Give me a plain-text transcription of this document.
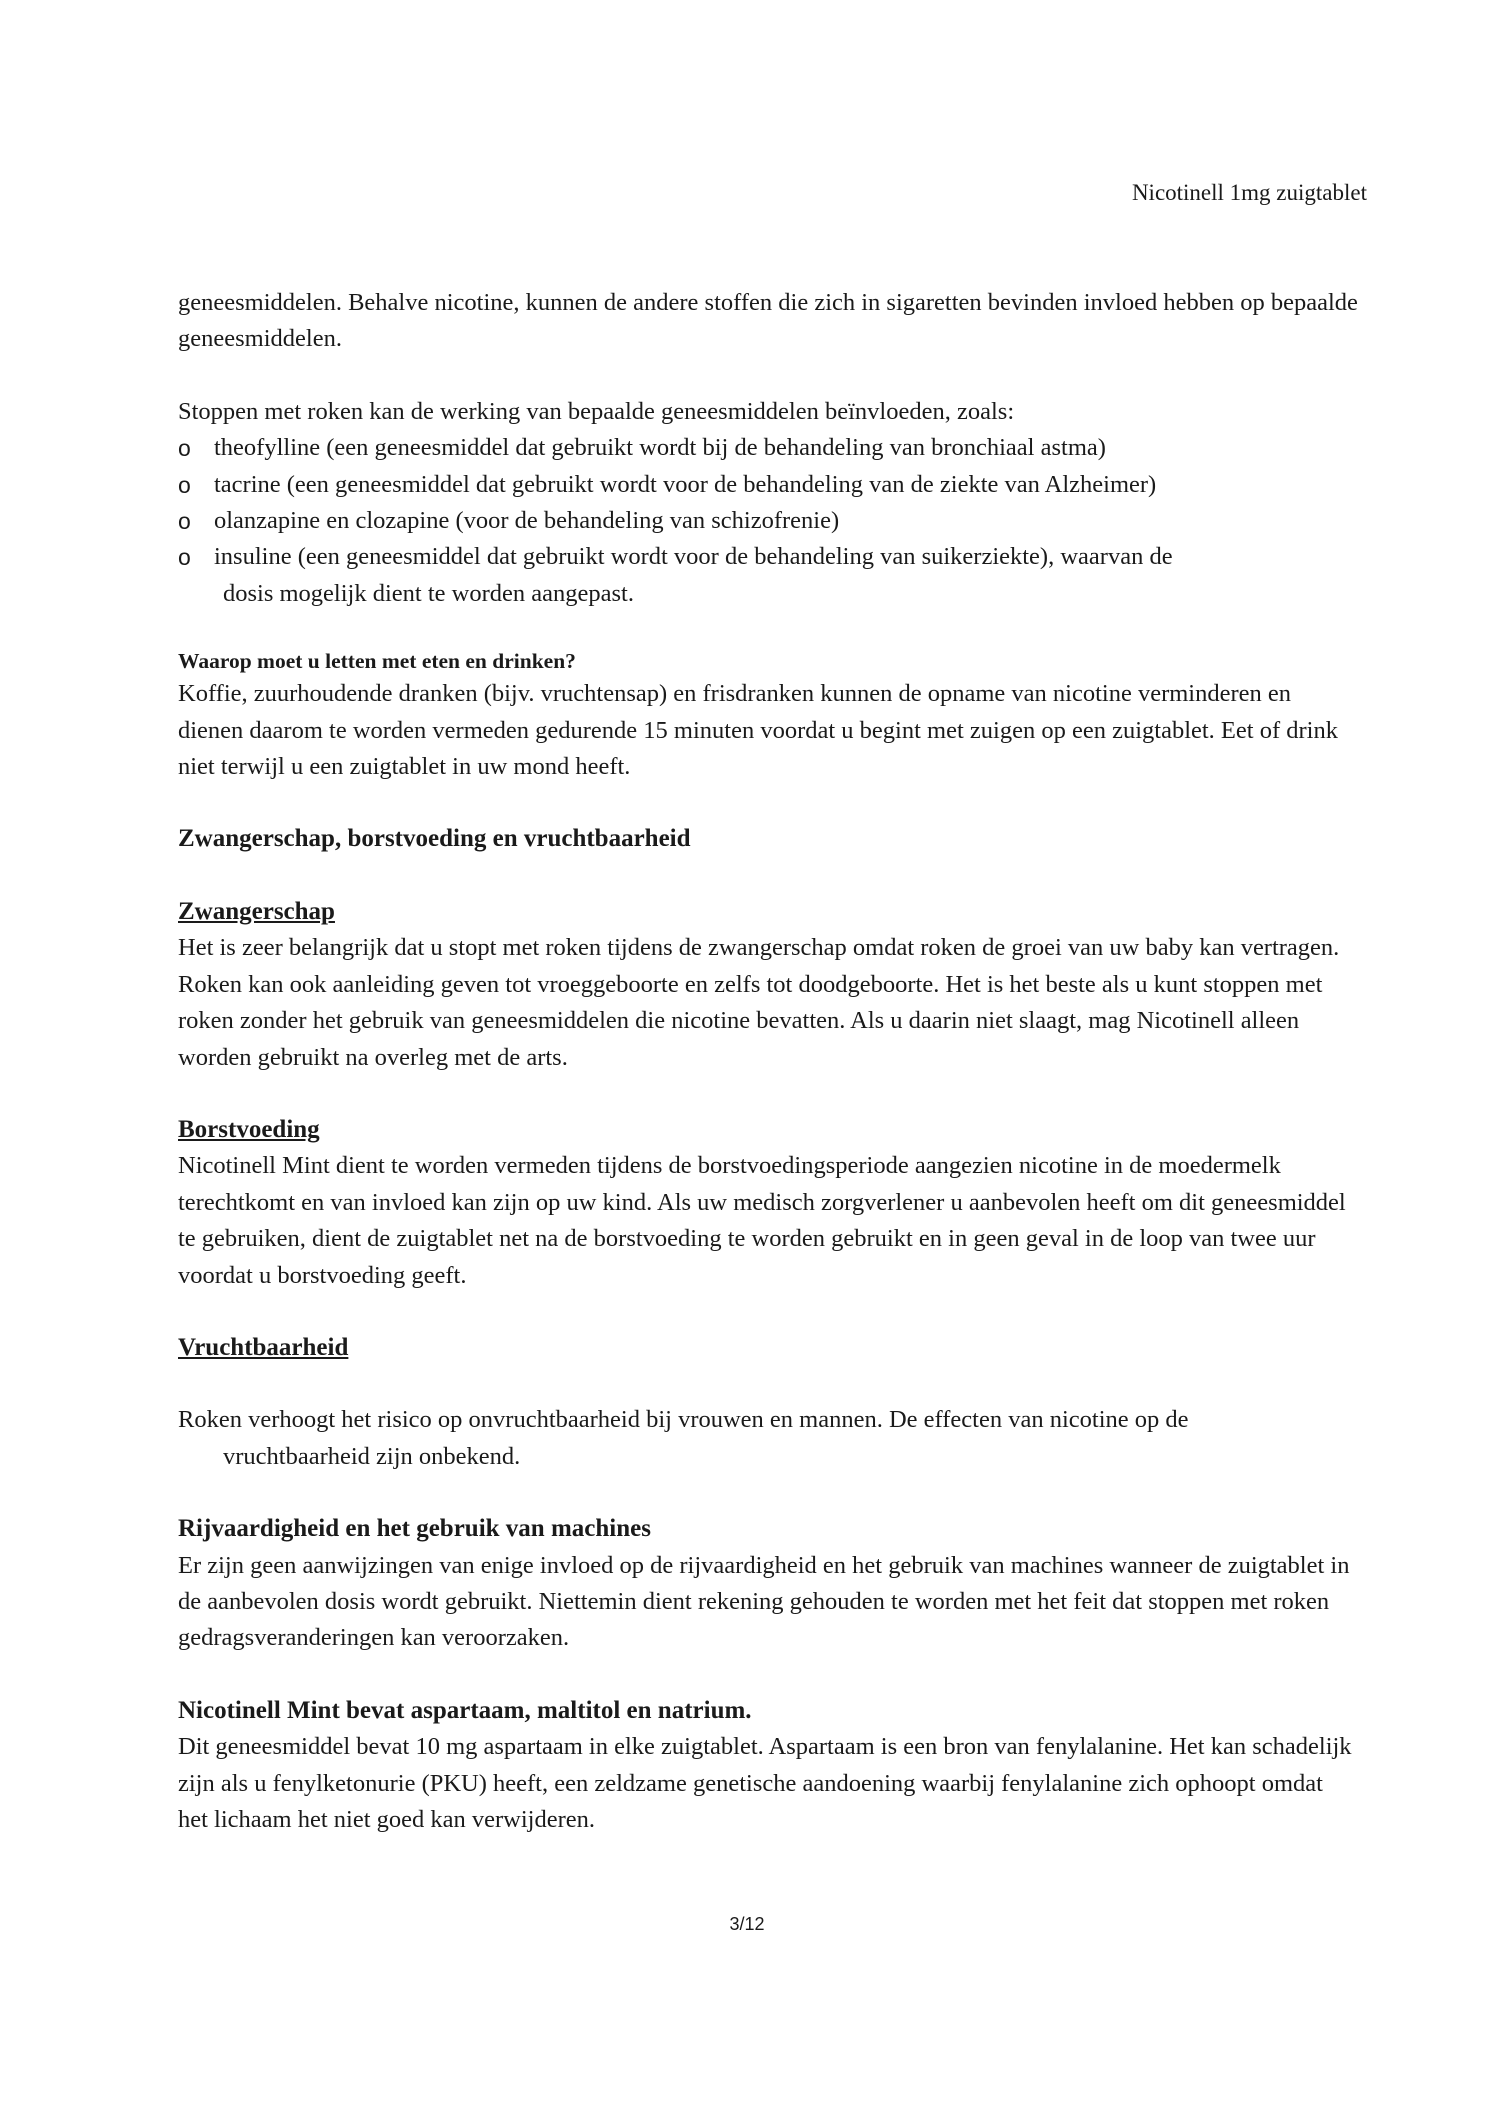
Nicotinell 1mg zuigtablet

geneesmiddelen. Behalve nicotine, kunnen de andere stoffen die zich in sigaretten bevinden invloed hebben op bepaalde geneesmiddelen.

Stoppen met roken kan de werking van bepaalde geneesmiddelen beïnvloeden, zoals:

o theofylline (een geneesmiddel dat gebruikt wordt bij de behandeling van bronchiaal astma)
o tacrine (een geneesmiddel dat gebruikt wordt voor de behandeling van de ziekte van Alzheimer)
o olanzapine en clozapine (voor de behandeling van schizofrenie)
o insuline (een geneesmiddel dat gebruikt wordt voor de behandeling van suikerziekte), waarvan de
dosis mogelijk dient te worden aangepast.

Waarop moet u letten met eten en drinken?

Koffie, zuurhoudende dranken (bijv. vruchtensap) en frisdranken kunnen de opname van nicotine verminderen en dienen daarom te worden vermeden gedurende 15 minuten voordat u begint met zuigen op een zuigtablet. Eet of drink niet terwijl u een zuigtablet in uw mond heeft.

Zwangerschap, borstvoeding en vruchtbaarheid

Zwangerschap

Het is zeer belangrijk dat u stopt met roken tijdens de zwangerschap omdat roken de groei van uw baby kan vertragen. Roken kan ook aanleiding geven tot vroeggeboorte en zelfs tot doodgeboorte. Het is het beste als u kunt stoppen met roken zonder het gebruik van geneesmiddelen die nicotine bevatten. Als u daarin niet slaagt, mag Nicotinell alleen worden gebruikt na overleg met de arts.

Borstvoeding

Nicotinell Mint dient te worden vermeden tijdens de borstvoedingsperiode aangezien nicotine in de moedermelk terechtkomt en van invloed kan zijn op uw kind. Als uw medisch zorgverlener u aanbevolen heeft om dit geneesmiddel te gebruiken, dient de zuigtablet net na de borstvoeding te worden gebruikt en in geen geval in de loop van twee uur voordat u borstvoeding geeft.

Vruchtbaarheid

Roken verhoogt het risico op onvruchtbaarheid bij vrouwen en mannen. De effecten van nicotine op de
vruchtbaarheid zijn onbekend.

Rijvaardigheid en het gebruik van machines

Er zijn geen aanwijzingen van enige invloed op de rijvaardigheid en het gebruik van machines wanneer de zuigtablet in de aanbevolen dosis wordt gebruikt. Niettemin dient rekening gehouden te worden met het feit dat stoppen met roken gedragsveranderingen kan veroorzaken.

Nicotinell Mint bevat aspartaam, maltitol en natrium.

Dit geneesmiddel bevat 10 mg aspartaam in elke zuigtablet. Aspartaam is een bron van fenylalanine. Het kan schadelijk zijn als u fenylketonurie (PKU) heeft, een zeldzame genetische aandoening waarbij fenylalanine zich ophoopt omdat het lichaam het niet goed kan verwijderen.

3/12
